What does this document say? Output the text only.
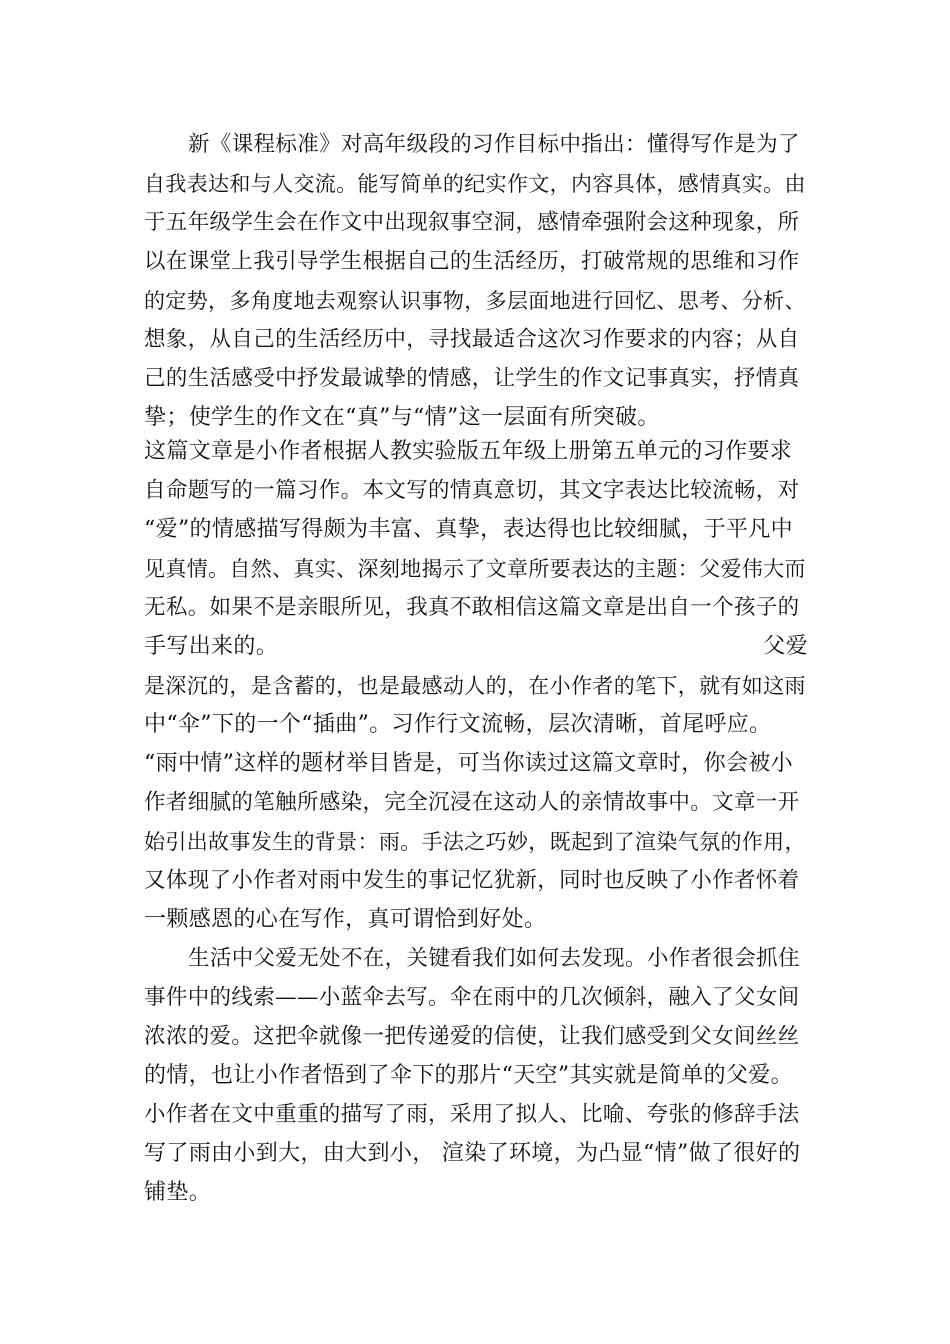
新《课程标准》对高年级段的习作目标中指出：懂得写作是为了
自我表达和与人交流。能写简单的纪实作文，内容具体，感情真实。由
于五年级学生会在作文中出现叙事空洞，感情牵强附会这种现象，所
以在课堂上我引导学生根据自己的生活经历，打破常规的思维和习作
的定势，多角度地去观察认识事物，多层面地进行回忆、思考、分析、
想象，从自己的生活经历中，寻找最适合这次习作要求的内容；从自
己的生活感受中抒发最诚挚的情感，让学生的作文记事真实，抒情真
挚；使学生的作文在“真”与“情”这一层面有所突破。
这篇文章是小作者根据人教实验版五年级上册第五单元的习作要求
自命题写的一篇习作。本文写的情真意切，其文字表达比较流畅，对
“爱”的情感描写得颇为丰富、真挚，表达得也比较细腻，于平凡中
见真情。自然、真实、深刻地揭示了文章所要表达的主题：父爱伟大而
无私。如果不是亲眼所见，我真不敢相信这篇文章是出自一个孩子的
手写出来的。	父爱
是深沉的，是含蓄的，也是最感动人的，在小作者的笔下，就有如这雨
中“伞”下的一个“插曲”。习作行文流畅，层次清晰，首尾呼应。
“雨中情”这样的题材举目皆是，可当你读过这篇文章时，你会被小
作者细腻的笔触所感染，完全沉浸在这动人的亲情故事中。文章一开
始引出故事发生的背景：雨。手法之巧妙，既起到了渲染气氛的作用，
又体现了小作者对雨中发生的事记忆犹新，同时也反映了小作者怀着
一颗感恩的心在写作，真可谓恰到好处。
生活中父爱无处不在，关键看我们如何去发现。小作者很会抓住
事件中的线索——小蓝伞去写。伞在雨中的几次倾斜，融入了父女间
浓浓的爱。这把伞就像一把传递爱的信使，让我们感受到父女间丝丝
的情，也让小作者悟到了伞下的那片“天空”其实就是简单的父爱。
小作者在文中重重的描写了雨，采用了拟人、比喻、夸张的修辞手法
写了雨由小到大，由大到小， 渲染了环境，为凸显“情”做了很好的
铺垫。
